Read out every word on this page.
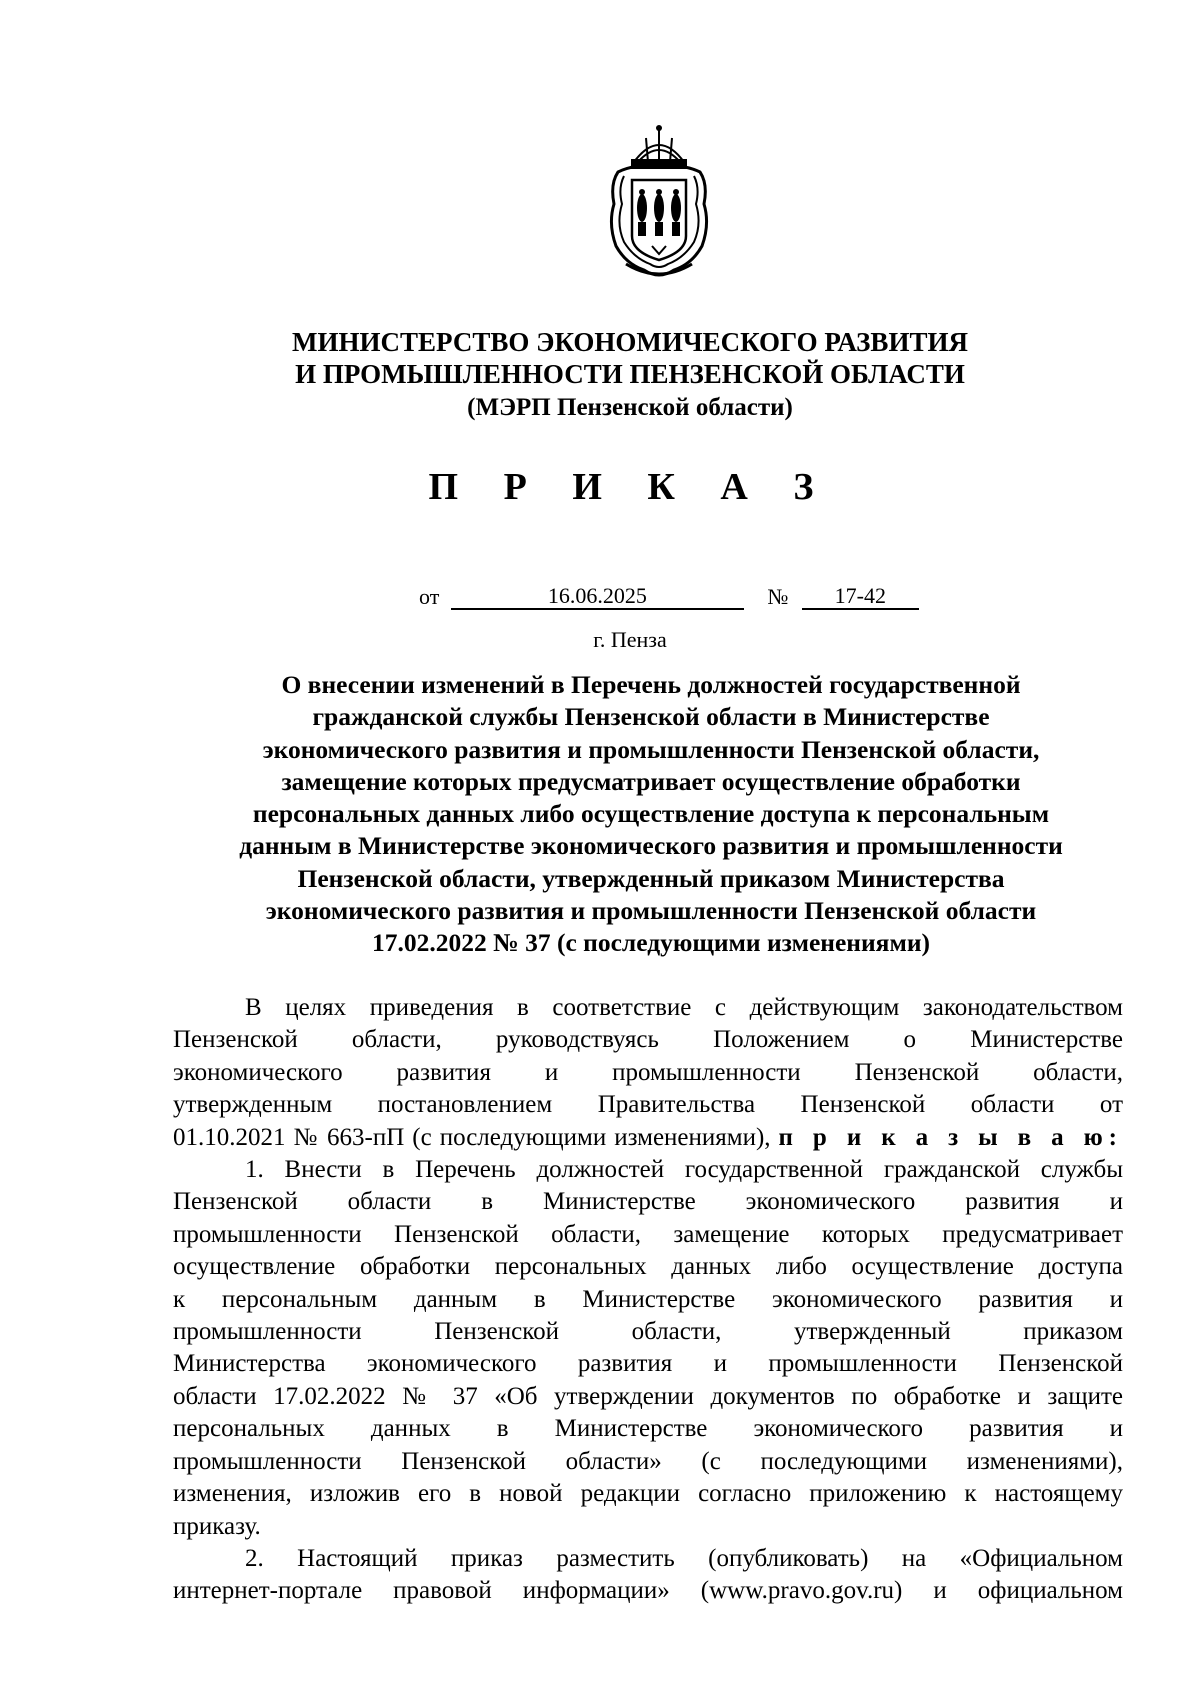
МИНИСТЕРСТВО ЭКОНОМИЧЕСКОГО РАЗВИТИЯ
И ПРОМЫШЛЕННОСТИ ПЕНЗЕНСКОЙ ОБЛАСТИ
(МЭРП Пензенской области)
П Р И К А З
от	16.06.2025	№ 17-42
г. Пенза
О внесении изменений в Перечень должностей государственной
гражданской службы Пензенской области в Министерстве
экономического развития и промышленности Пензенской области,
замещение которых предусматривает осуществление обработки
персональных данных либо осуществление доступа к персональным
данным в Министерстве экономического развития и промышленности
Пензенской области, утвержденный приказом Министерства
экономического развития и промышленности Пензенской области
17.02.2022 № 37 (с последующими изменениями)
В целях приведения в соответствие с действующим законодательством
Пензенской области, руководствуясь Положением о Министерстве
экономического развития и промышленности Пензенской области,
утвержденным постановлением Правительства Пензенской области от
01.10.2021 № 663-пП (с последующими изменениями), п р и к а з ы в а ю:
1. Внести в Перечень должностей государственной гражданской службы
Пензенской области в Министерстве экономического развития и
промышленности Пензенской области, замещение которых предусматривает
осуществление обработки персональных данных либо осуществление доступа
к персональным данным в Министерстве экономического развития и
промышленности Пензенской области, утвержденный приказом
Министерства экономического развития и промышленности Пензенской
области 17.02.2022 № 37 «Об утверждении документов по обработке и защите
персональных данных в Министерстве экономического развития и
промышленности Пензенской области» (с последующими изменениями),
изменения, изложив его в новой редакции согласно приложению к настоящему
приказу.
2. Настоящий приказ разместить (опубликовать) на «Официальном
интернет-портале правовой информации» (www.pravo.gov.ru) и официальном
